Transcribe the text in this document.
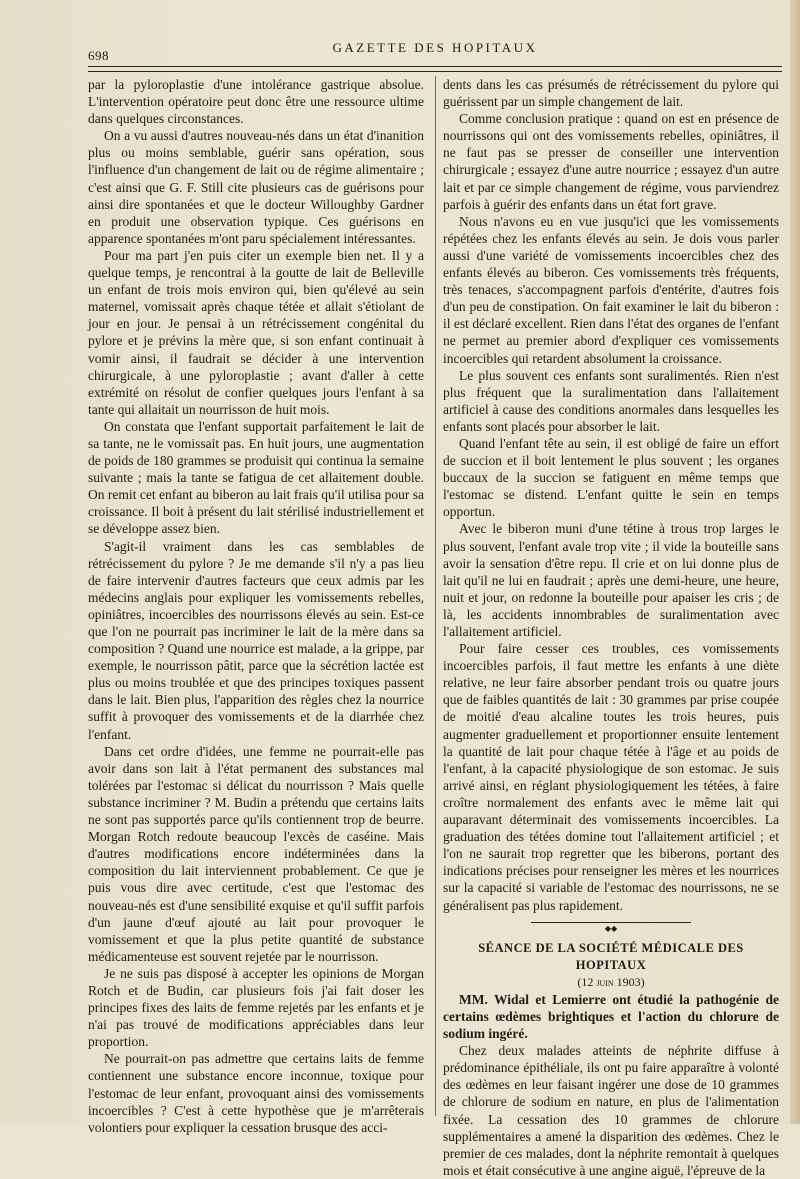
698
GAZETTE DES HOPITAUX

par la pyloroplastie d'une intolérance gastrique absolue. L'intervention opératoire peut donc être une ressource ultime dans quelques circonstances.

On a vu aussi d'autres nouveau-nés dans un état d'inanition plus ou moins semblable, guérir sans opération, sous l'influence d'un changement de lait ou de régime alimentaire ; c'est ainsi que G. F. Still cite plusieurs cas de guérisons pour ainsi dire spontanées et que le docteur Willoughby Gardner en produit une observation typique. Ces guérisons en apparence spontanées m'ont paru spécialement intéressantes.

Pour ma part j'en puis citer un exemple bien net. Il y a quelque temps, je rencontrai à la goutte de lait de Belleville un enfant de trois mois environ qui, bien qu'élevé au sein maternel, vomissait après chaque tétée et allait s'étiolant de jour en jour. Je pensai à un rétrécissement congénital du pylore et je prévins la mère que, si son enfant continuait à vomir ainsi, il faudrait se décider à une intervention chirurgicale, à une pyloroplastie ; avant d'aller à cette extrémité on résolut de confier quelques jours l'enfant à sa tante qui allaitait un nourrisson de huit mois.

On constata que l'enfant supportait parfaitement le lait de sa tante, ne le vomissait pas. En huit jours, une augmentation de poids de 180 grammes se produisit qui continua la semaine suivante ; mais la tante se fatigua de cet allaitement double. On remit cet enfant au biberon au lait frais qu'il utilisa pour sa croissance. Il boit à présent du lait stérilisé industriellement et se développe assez bien.

S'agit-il vraiment dans les cas semblables de rétrécissement du pylore ? Je me demande s'il n'y a pas lieu de faire intervenir d'autres facteurs que ceux admis par les médecins anglais pour expliquer les vomissements rebelles, opiniâtres, incoercibles des nourrissons élevés au sein. Est-ce que l'on ne pourrait pas incriminer le lait de la mère dans sa composition ? Quand une nourrice est malade, a la grippe, par exemple, le nourrisson pâtit, parce que la sécrétion lactée est plus ou moins troublée et que des principes toxiques passent dans le lait. Bien plus, l'apparition des règles chez la nourrice suffit à provoquer des vomissements et de la diarrhée chez l'enfant.

Dans cet ordre d'idées, une femme ne pourrait-elle pas avoir dans son lait à l'état permanent des substances mal tolérées par l'estomac si délicat du nourrisson ? Mais quelle substance incriminer ? M. Budin a prétendu que certains laits ne sont pas supportés parce qu'ils contiennent trop de beurre. Morgan Rotch redoute beaucoup l'excès de caséine. Mais d'autres modifications encore indéterminées dans la composition du lait interviennent probablement. Ce que je puis vous dire avec certitude, c'est que l'estomac des nouveau-nés est d'une sensibilité exquise et qu'il suffit parfois d'un jaune d'œuf ajouté au lait pour provoquer le vomissement et que la plus petite quantité de substance médicamenteuse est souvent rejetée par le nourrisson.

Je ne suis pas disposé à accepter les opinions de Morgan Rotch et de Budin, car plusieurs fois j'ai fait doser les principes fixes des laits de femme rejetés par les enfants et je n'ai pas trouvé de modifications appréciables dans leur proportion.

Ne pourrait-on pas admettre que certains laits de femme contiennent une substance encore inconnue, toxique pour l'estomac de leur enfant, provoquant ainsi des vomissements incoercibles ? C'est à cette hypothèse que je m'arrêterais volontiers pour expliquer la cessation brusque des acci-

dents dans les cas présumés de rétrécissement du pylore qui guérissent par un simple changement de lait.

Comme conclusion pratique : quand on est en présence de nourrissons qui ont des vomissements rebelles, opiniâtres, il ne faut pas se presser de conseiller une intervention chirurgicale ; essayez d'une autre nourrice ; essayez d'un autre lait et par ce simple changement de régime, vous parviendrez parfois à guérir des enfants dans un état fort grave.

Nous n'avons eu en vue jusqu'ici que les vomissements répétées chez les enfants élevés au sein. Je dois vous parler aussi d'une variété de vomissements incoercibles chez des enfants élevés au biberon. Ces vomissements très fréquents, très tenaces, s'accompagnent parfois d'entérite, d'autres fois d'un peu de constipation. On fait examiner le lait du biberon : il est déclaré excellent. Rien dans l'état des organes de l'enfant ne permet au premier abord d'expliquer ces vomissements incoercibles qui retardent absolument la croissance.

Le plus souvent ces enfants sont suralimentés. Rien n'est plus fréquent que la suralimentation dans l'allaitement artificiel à cause des conditions anormales dans lesquelles les enfants sont placés pour absorber le lait.

Quand l'enfant tête au sein, il est obligé de faire un effort de succion et il boit lentement le plus souvent ; les organes buccaux de la succion se fatiguent en même temps que l'estomac se distend. L'enfant quitte le sein en temps opportun.

Avec le biberon muni d'une tétine à trous trop larges le plus souvent, l'enfant avale trop vite ; il vide la bouteille sans avoir la sensation d'être repu. Il crie et on lui donne plus de lait qu'il ne lui en faudrait ; après une demi-heure, une heure, nuit et jour, on redonne la bouteille pour apaiser les cris ; de là, les accidents innombrables de suralimentation avec l'allaitement artificiel.

Pour faire cesser ces troubles, ces vomissements incoercibles parfois, il faut mettre les enfants à une diète relative, ne leur faire absorber pendant trois ou quatre jours que de faibles quantités de lait : 30 grammes par prise coupée de moitié d'eau alcaline toutes les trois heures, puis augmenter graduellement et proportionner ensuite lentement la quantité de lait pour chaque tétée à l'âge et au poids de l'enfant, à la capacité physiologique de son estomac. Je suis arrivé ainsi, en réglant physiologiquement les tétées, à faire croître normalement des enfants avec le même lait qui auparavant déterminait des vomissements incoercibles. La graduation des tétées domine tout l'allaitement artificiel ; et l'on ne saurait trop regretter que les biberons, portant des indications précises pour renseigner les mères et les nourrices sur la capacité si variable de l'estomac des nourrissons, ne se généralisent pas plus rapidement.

◆◆

SÉANCE DE LA SOCIÉTÉ MÉDICALE DES HOPITAUX

(12 juin 1903)

MM. Widal et Lemierre ont étudié la pathogénie de certains œdèmes brightiques et l'action du chlorure de sodium ingéré.

Chez deux malades atteints de néphrite diffuse à prédominance épithéliale, ils ont pu faire apparaître à volonté des œdèmes en leur faisant ingérer une dose de 10 grammes de chlorure de sodium en nature, en plus de l'alimentation fixée. La cessation des 10 grammes de chlorure supplémentaires a amené la disparition des œdèmes. Chez le premier de ces malades, dont la néphrite remontait à quelques mois et était consécutive à une angine aiguë, l'épreuve de la
